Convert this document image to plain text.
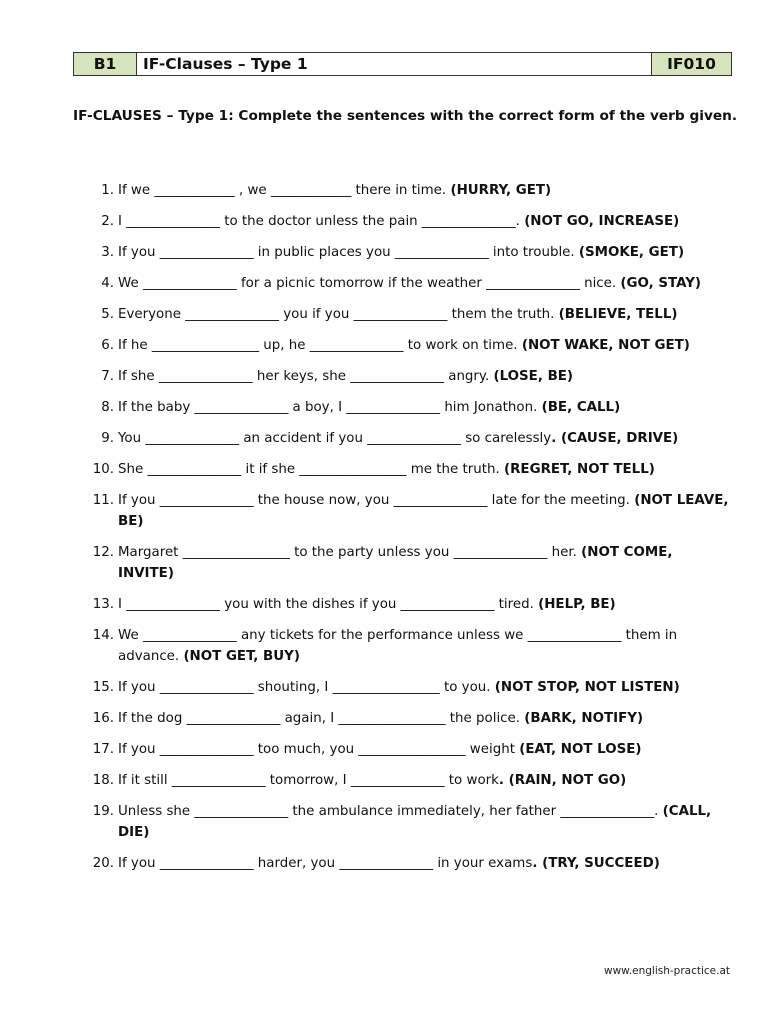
B1	IF-Clauses – Type 1	IF010
IF-CLAUSES – Type 1: Complete the sentences with the correct form of the verb given.
1. If we ____________ , we ____________ there in time. (HURRY, GET)
2. I ______________ to the doctor unless the pain ______________. (NOT GO, INCREASE)
3. If you ______________ in public places you ______________ into trouble. (SMOKE, GET)
4. We ______________ for a picnic tomorrow if the weather ______________ nice. (GO, STAY)
5. Everyone ______________ you if you ______________ them the truth. (BELIEVE, TELL)
6. If he ________________ up, he ______________ to work on time. (NOT WAKE, NOT GET)
7. If she ______________ her keys, she ______________ angry. (LOSE, BE)
8. If the baby ______________ a boy, I ______________ him Jonathon. (BE, CALL)
9. You ______________ an accident if you ______________ so carelessly. (CAUSE, DRIVE)
10. She ______________ it if she ________________ me the truth. (REGRET, NOT TELL)
11. If you ______________ the house now, you ______________ late for the meeting. (NOT LEAVE, BE)
12. Margaret ________________ to the party unless you ______________ her. (NOT COME, INVITE)
13. I ______________ you with the dishes if you ______________ tired. (HELP, BE)
14. We ______________ any tickets for the performance unless we ______________ them in advance. (NOT GET, BUY)
15. If you ______________ shouting, I ________________ to you. (NOT STOP, NOT LISTEN)
16. If the dog ______________ again, I ________________ the police. (BARK, NOTIFY)
17. If you ______________ too much, you ________________ weight (EAT, NOT LOSE)
18. If it still ______________ tomorrow, I ______________ to work. (RAIN, NOT GO)
19. Unless she ______________ the ambulance immediately, her father ______________. (CALL, DIE)
20. If you ______________ harder, you ______________ in your exams. (TRY, SUCCEED)
www.english-practice.at
